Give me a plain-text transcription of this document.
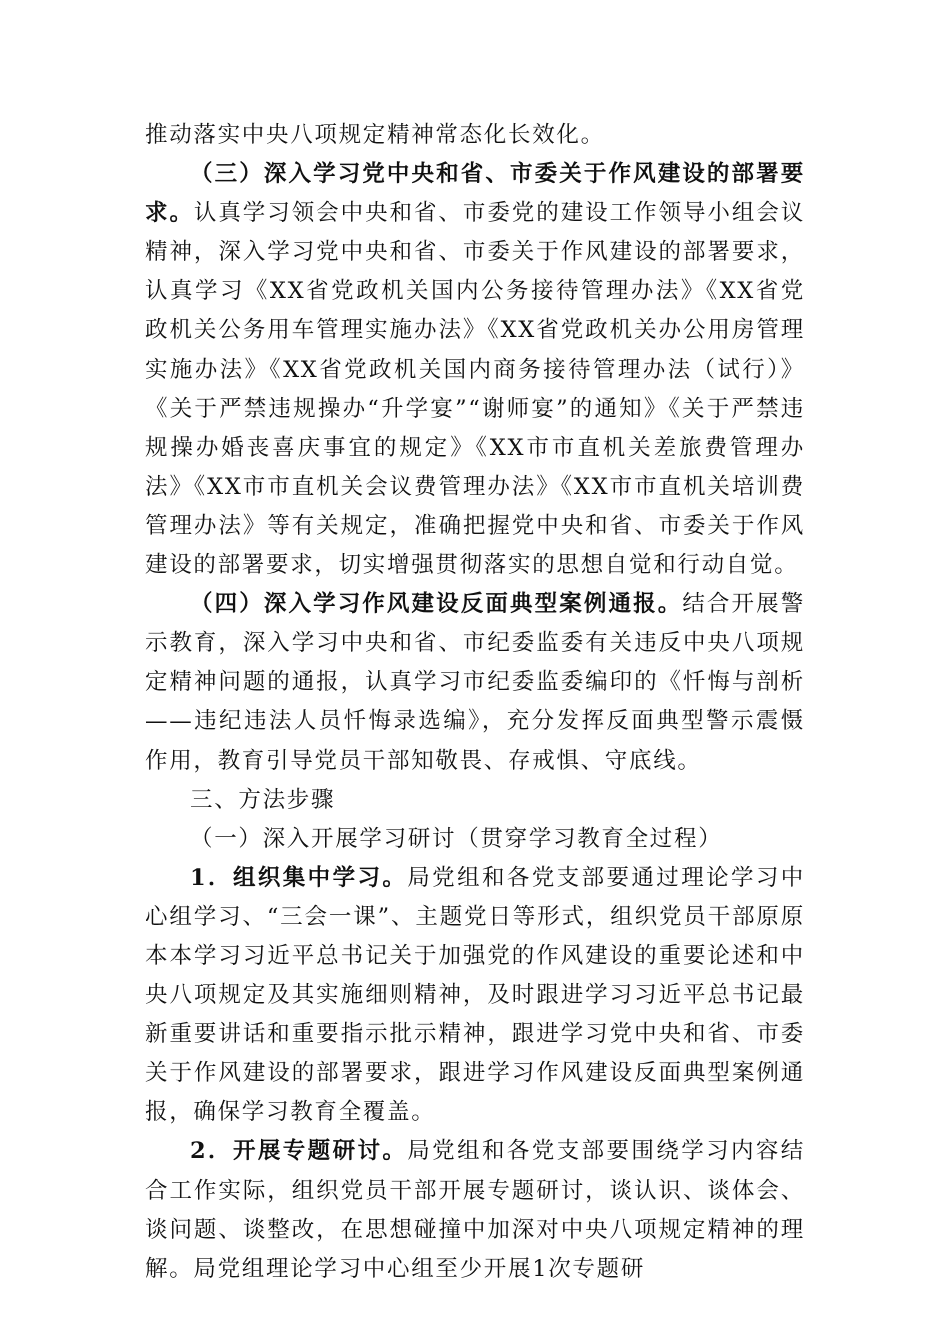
推动落实中央八项规定精神常态化长效化。

（三）深入学习党中央和省、市委关于作风建设的部署要求。认真学习领会中央和省、市委党的建设工作领导小组会议精神，深入学习党中央和省、市委关于作风建设的部署要求，认真学习《XX省党政机关国内公务接待管理办法》《XX省党政机关公务用车管理实施办法》《XX省党政机关办公用房管理实施办法》《XX省党政机关国内商务接待管理办法（试行）》《关于严禁违规操办“升学宴”“谢师宴”的通知》《关于严禁违规操办婚丧喜庆事宜的规定》《XX市市直机关差旅费管理办法》《XX市市直机关会议费管理办法》《XX市市直机关培训费管理办法》等有关规定，准确把握党中央和省、市委关于作风建设的部署要求，切实增强贯彻落实的思想自觉和行动自觉。

（四）深入学习作风建设反面典型案例通报。结合开展警示教育，深入学习中央和省、市纪委监委有关违反中央八项规定精神问题的通报，认真学习市纪委监委编印的《忏悔与剖析——违纪违法人员忏悔录选编》，充分发挥反面典型警示震慑作用，教育引导党员干部知敬畏、存戒惧、守底线。

三、方法步骤

（一）深入开展学习研讨（贯穿学习教育全过程）

1．组织集中学习。局党组和各党支部要通过理论学习中心组学习、“三会一课”、主题党日等形式，组织党员干部原原本本学习习近平总书记关于加强党的作风建设的重要论述和中央八项规定及其实施细则精神，及时跟进学习习近平总书记最新重要讲话和重要指示批示精神，跟进学习党中央和省、市委关于作风建设的部署要求，跟进学习作风建设反面典型案例通报，确保学习教育全覆盖。

2．开展专题研讨。局党组和各党支部要围绕学习内容结合工作实际，组织党员干部开展专题研讨，谈认识、谈体会、谈问题、谈整改，在思想碰撞中加深对中央八项规定精神的理解。局党组理论学习中心组至少开展1次专题研
